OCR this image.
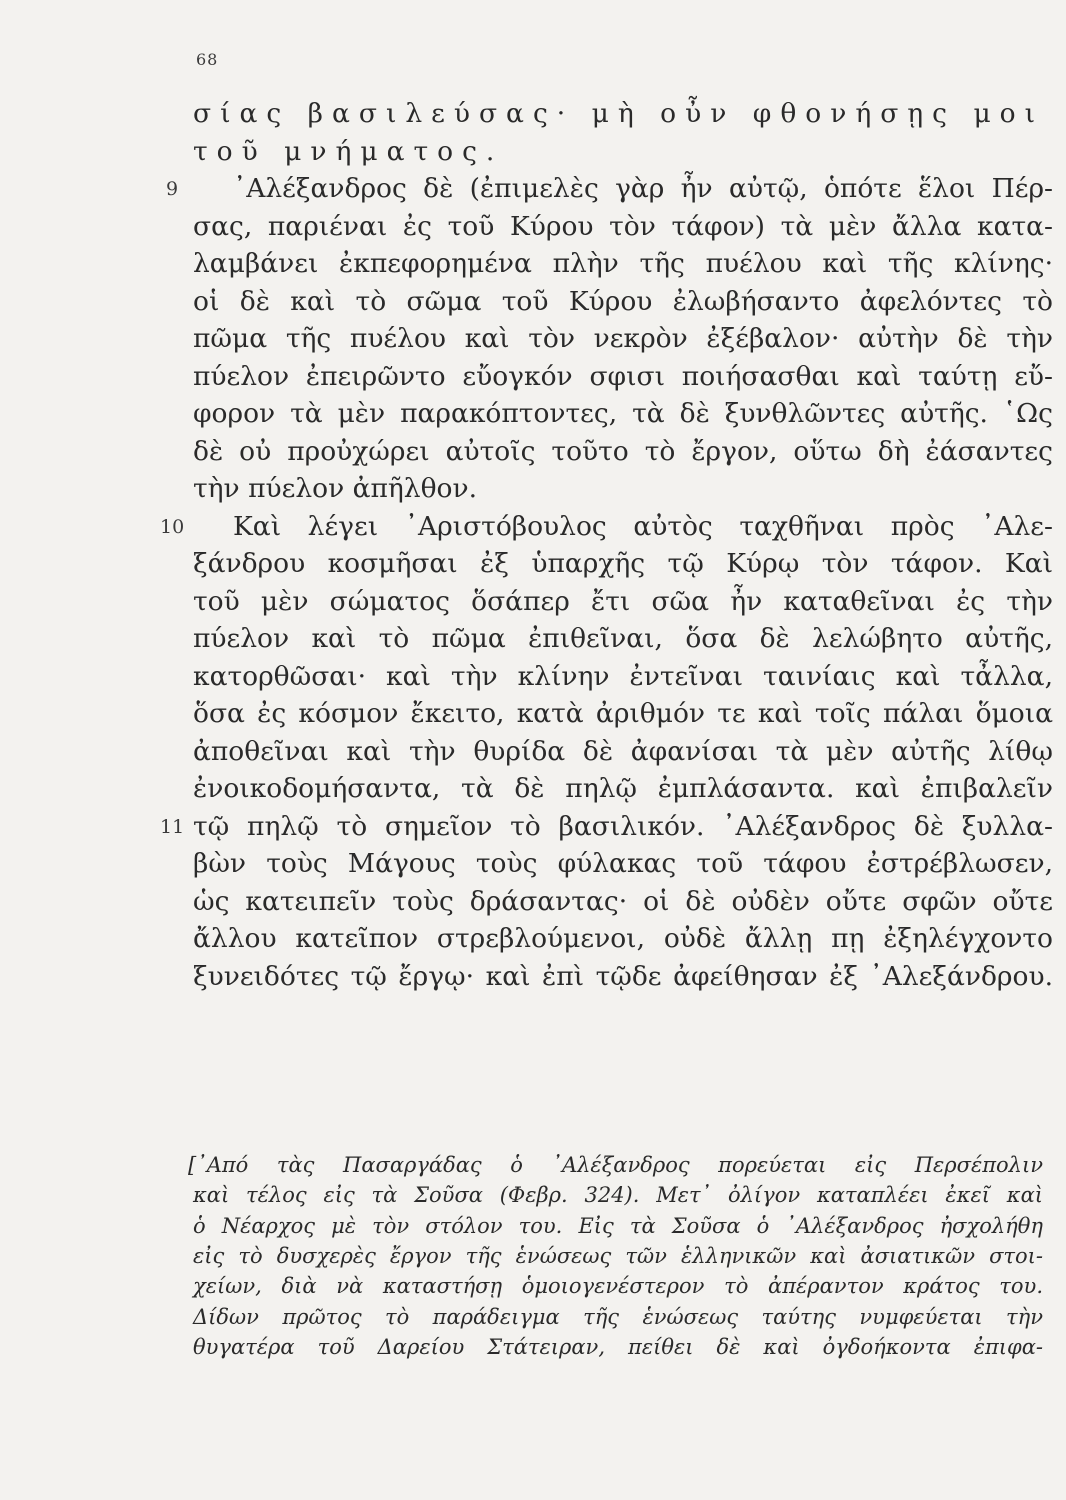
68
σίας βασιλεύσας· μὴ οὖν φθονήσῃς μοι
τοῦ μνήματος.
᾿Αλέξανδρος δὲ (ἐπιμελὲς γὰρ ἦν αὐτῷ, ὁπότε ἕλοι Πέρ-
9
σας, παριέναι ἐς τοῦ Κύρου τὸν τάφον) τὰ μὲν ἄλλα κατα-
λαμβάνει ἐκπεφορημένα πλὴν τῆς πυέλου καὶ τῆς κλίνης·
οἱ δὲ καὶ τὸ σῶμα τοῦ Κύρου ἐλωβήσαντο ἀφελόντες τὸ
πῶμα τῆς πυέλου καὶ τὸν νεκρὸν ἐξέβαλον· αὐτὴν δὲ τὴν
πύελον ἐπειρῶντο εὔογκόν σφισι ποιήσασθαι καὶ ταύτῃ εὔ-
φορον τὰ μὲν παρακόπτοντες, τὰ δὲ ξυνθλῶντες αὐτῆς. ῾Ως
δὲ οὐ προὐχώρει αὐτοῖς τοῦτο τὸ ἔργον, οὕτω δὴ ἐάσαντες
τὴν πύελον ἀπῆλθον.
Καὶ λέγει ᾿Αριστόβουλος αὐτὸς ταχθῆναι πρὸς ᾿Αλε-
10
ξάνδρου κοσμῆσαι ἐξ ὑπαρχῆς τῷ Κύρῳ τὸν τάφον. Καὶ
τοῦ μὲν σώματος ὅσάπερ ἔτι σῶα ἦν καταθεῖναι ἐς τὴν
πύελον καὶ τὸ πῶμα ἐπιθεῖναι, ὅσα δὲ λελώβητο αὐτῆς,
κατορθῶσαι· καὶ τὴν κλίνην ἐντεῖναι ταινίαις καὶ τἆλλα,
ὅσα ἐς κόσμον ἔκειτο, κατὰ ἀριθμόν τε καὶ τοῖς πάλαι ὅμοια
ἀποθεῖναι καὶ τὴν θυρίδα δὲ ἀφανίσαι τὰ μὲν αὐτῆς λίθῳ
ἐνοικοδομήσαντα, τὰ δὲ πηλῷ ἐμπλάσαντα. καὶ ἐπιβαλεῖν
τῷ πηλῷ τὸ σημεῖον τὸ βασιλικόν. ᾿Αλέξανδρος δὲ ξυλλα-
11
βὼν τοὺς Μάγους τοὺς φύλακας τοῦ τάφου ἐστρέβλωσεν,
ὡς κατειπεῖν τοὺς δράσαντας· οἱ δὲ οὐδὲν οὔτε σφῶν οὔτε
ἄλλου κατεῖπον στρεβλούμενοι, οὐδὲ ἄλλῃ πῃ ἐξηλέγχοντο
ξυνειδότες τῷ ἔργῳ· καὶ ἐπὶ τῷδε ἀφείθησαν ἐξ ᾿Αλεξάνδρου.
[᾿Από τὰς Πασαργάδας ὁ ᾿Αλέξανδρος πορεύεται εἰς Περσέπολιν
καὶ τέλος εἰς τὰ Σοῦσα (Φεβρ. 324). Μετ᾿ ὀλίγον καταπλέει ἐκεῖ καὶ
ὁ Νέαρχος μὲ τὸν στόλον του. Εἰς τὰ Σοῦσα ὁ ᾿Αλέξανδρος ἠσχολήθη
εἰς τὸ δυσχερὲς ἔργον τῆς ἑνώσεως τῶν ἑλληνικῶν καὶ ἀσιατικῶν στοι-
χείων, διὰ νὰ καταστήσῃ ὁμοιογενέστερον τὸ ἀπέραντον κράτος του.
Δίδων πρῶτος τὸ παράδειγμα τῆς ἑνώσεως ταύτης νυμφεύεται τὴν
θυγατέρα τοῦ Δαρείου Στάτειραν, πείθει δὲ καὶ ὀγδοήκοντα ἐπιφα-
